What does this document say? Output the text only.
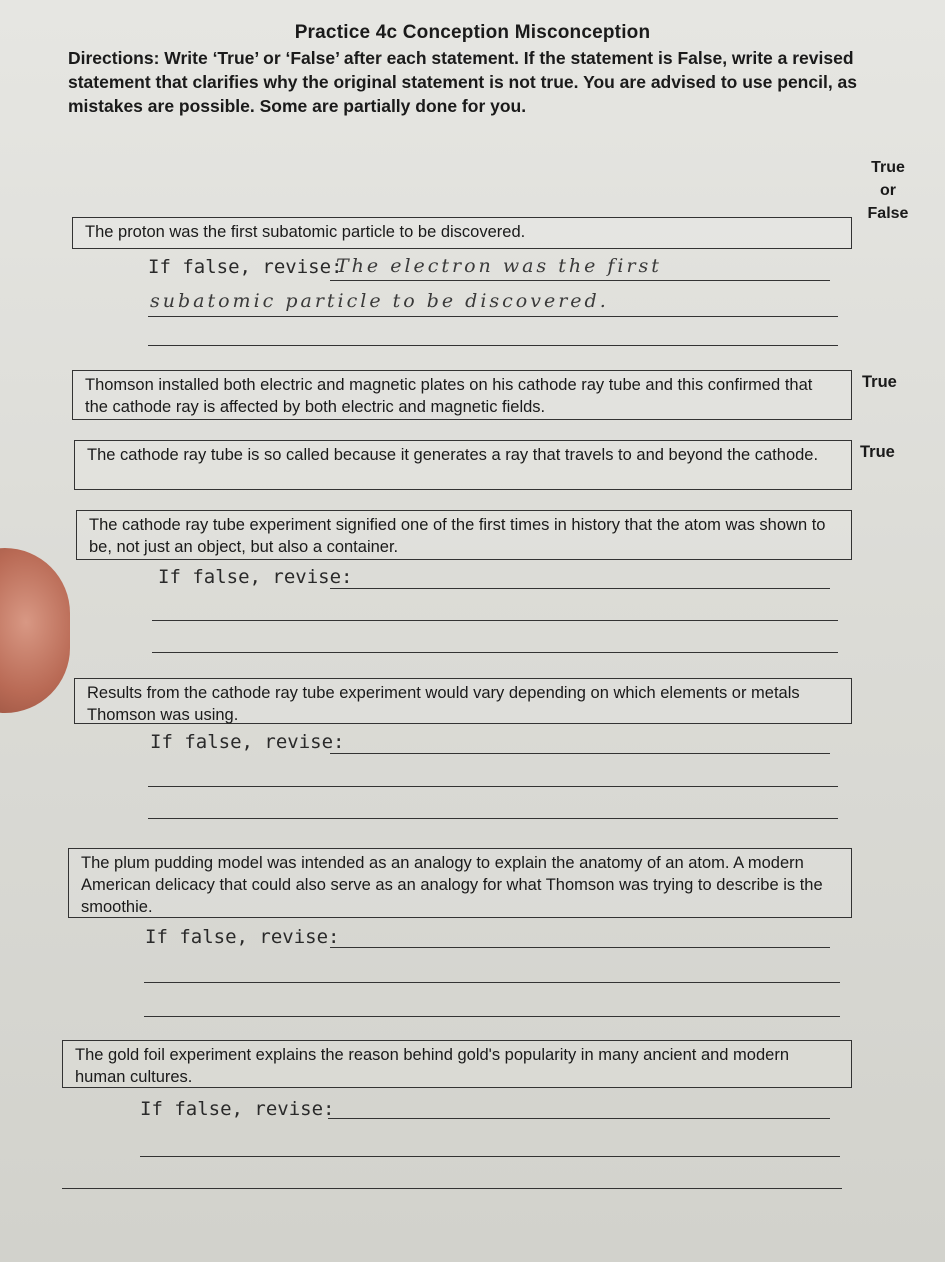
Practice 4c Conception Misconception
Directions: Write ‘True’ or ‘False’ after each statement. If the statement is False, write a revised statement that clarifies why the original statement is not true. You are advised to use pencil, as mistakes are possible. Some are partially done for you.
True
or
False
The proton was the first subatomic particle to be discovered.
If false, revise:
The electron was the first
subatomic particle to be discovered.
Thomson installed both electric and magnetic plates on his cathode ray tube and this confirmed that the cathode ray is affected by both electric and magnetic fields.
True
The cathode ray tube is so called because it generates a ray that travels to and beyond the cathode.	True
The cathode ray tube experiment signified one of the first times in history that the atom was shown to be, not just an object, but also a container.
If false, revise:
Results from the cathode ray tube experiment would vary depending on which elements or metals Thomson was using.
If false, revise:
The plum pudding model was intended as an analogy to explain the anatomy of an atom. A modern American delicacy that could also serve as an analogy for what Thomson was trying to describe is the smoothie.
If false, revise:
The gold foil experiment explains the reason behind gold's popularity in many ancient and modern human cultures.
If false, revise:
